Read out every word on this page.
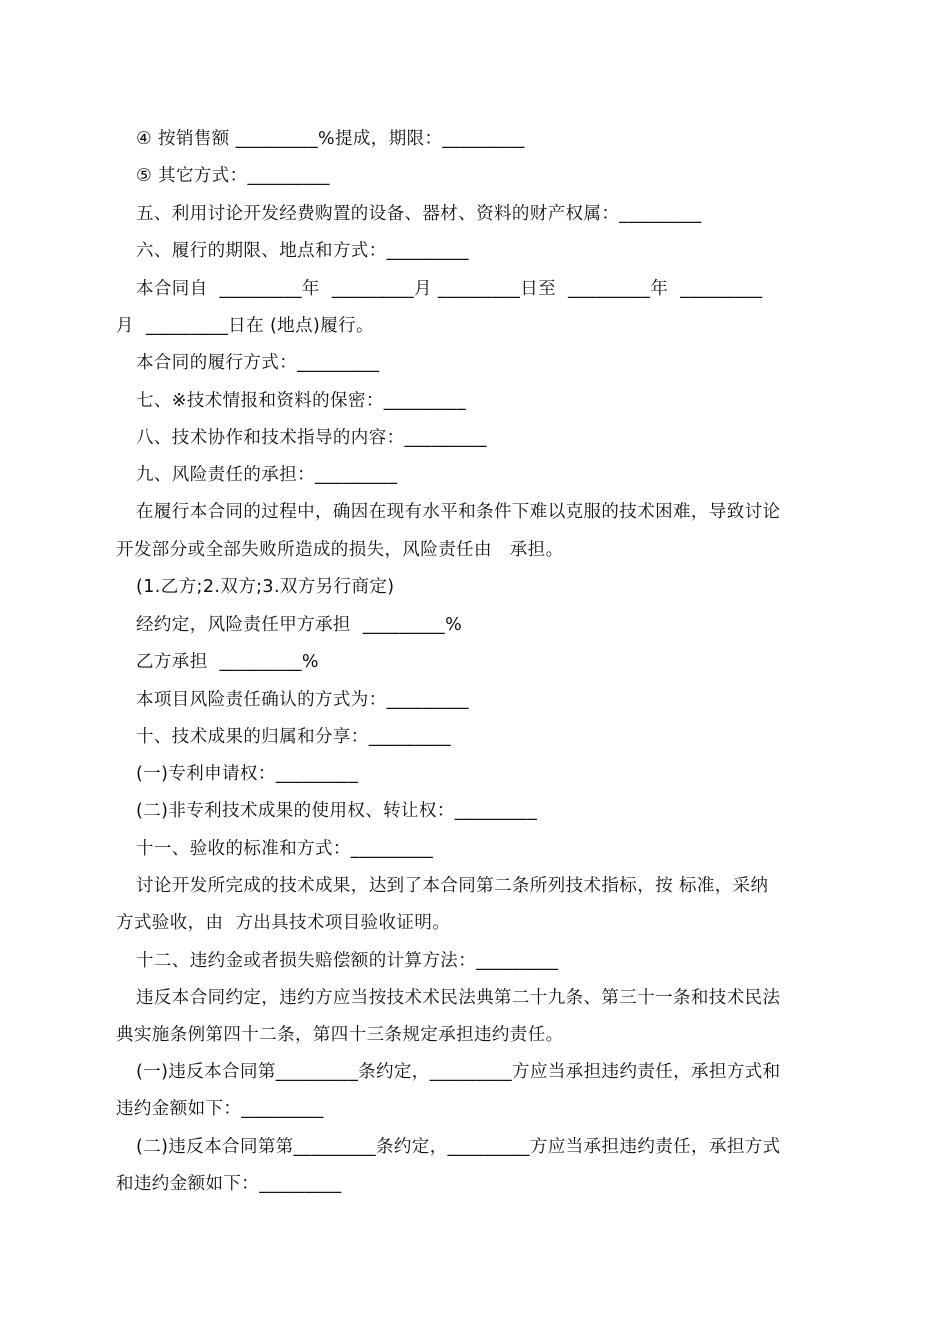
④ 按销售额 _________%提成，期限：_________
⑤ 其它方式：_________
五、利用讨论开发经费购置的设备、器材、资料的财产权属：_________
六、履行的期限、地点和方式：_________
本合同自  _________年  _________月 _________日至  _________年  _________
月  _________日在 (地点)履行。
本合同的履行方式：_________
七、※技术情报和资料的保密：_________
八、技术协作和技术指导的内容：_________
九、风险责任的承担：_________
在履行本合同的过程中，确因在现有水平和条件下难以克服的技术困难，导致讨论
开发部分或全部失败所造成的损失，风险责任由   承担。
(1.乙方;2.双方;3.双方另行商定)
经约定，风险责任甲方承担  _________%
乙方承担  _________%
本项目风险责任确认的方式为：_________
十、技术成果的归属和分享：_________
(一)专利申请权：_________
(二)非专利技术成果的使用权、转让权：_________
十一、验收的标准和方式：_________
讨论开发所完成的技术成果，达到了本合同第二条所列技术指标，按 标准，采纳
方式验收，由  方出具技术项目验收证明。
十二、违约金或者损失赔偿额的计算方法：_________
违反本合同约定，违约方应当按技术术民法典第二十九条、第三十一条和技术民法
典实施条例第四十二条，第四十三条规定承担违约责任。
(一)违反本合同第_________条约定，_________方应当承担违约责任，承担方式和
违约金额如下：_________
(二)违反本合同第第_________条约定，_________方应当承担违约责任，承担方式
和违约金额如下：_________
